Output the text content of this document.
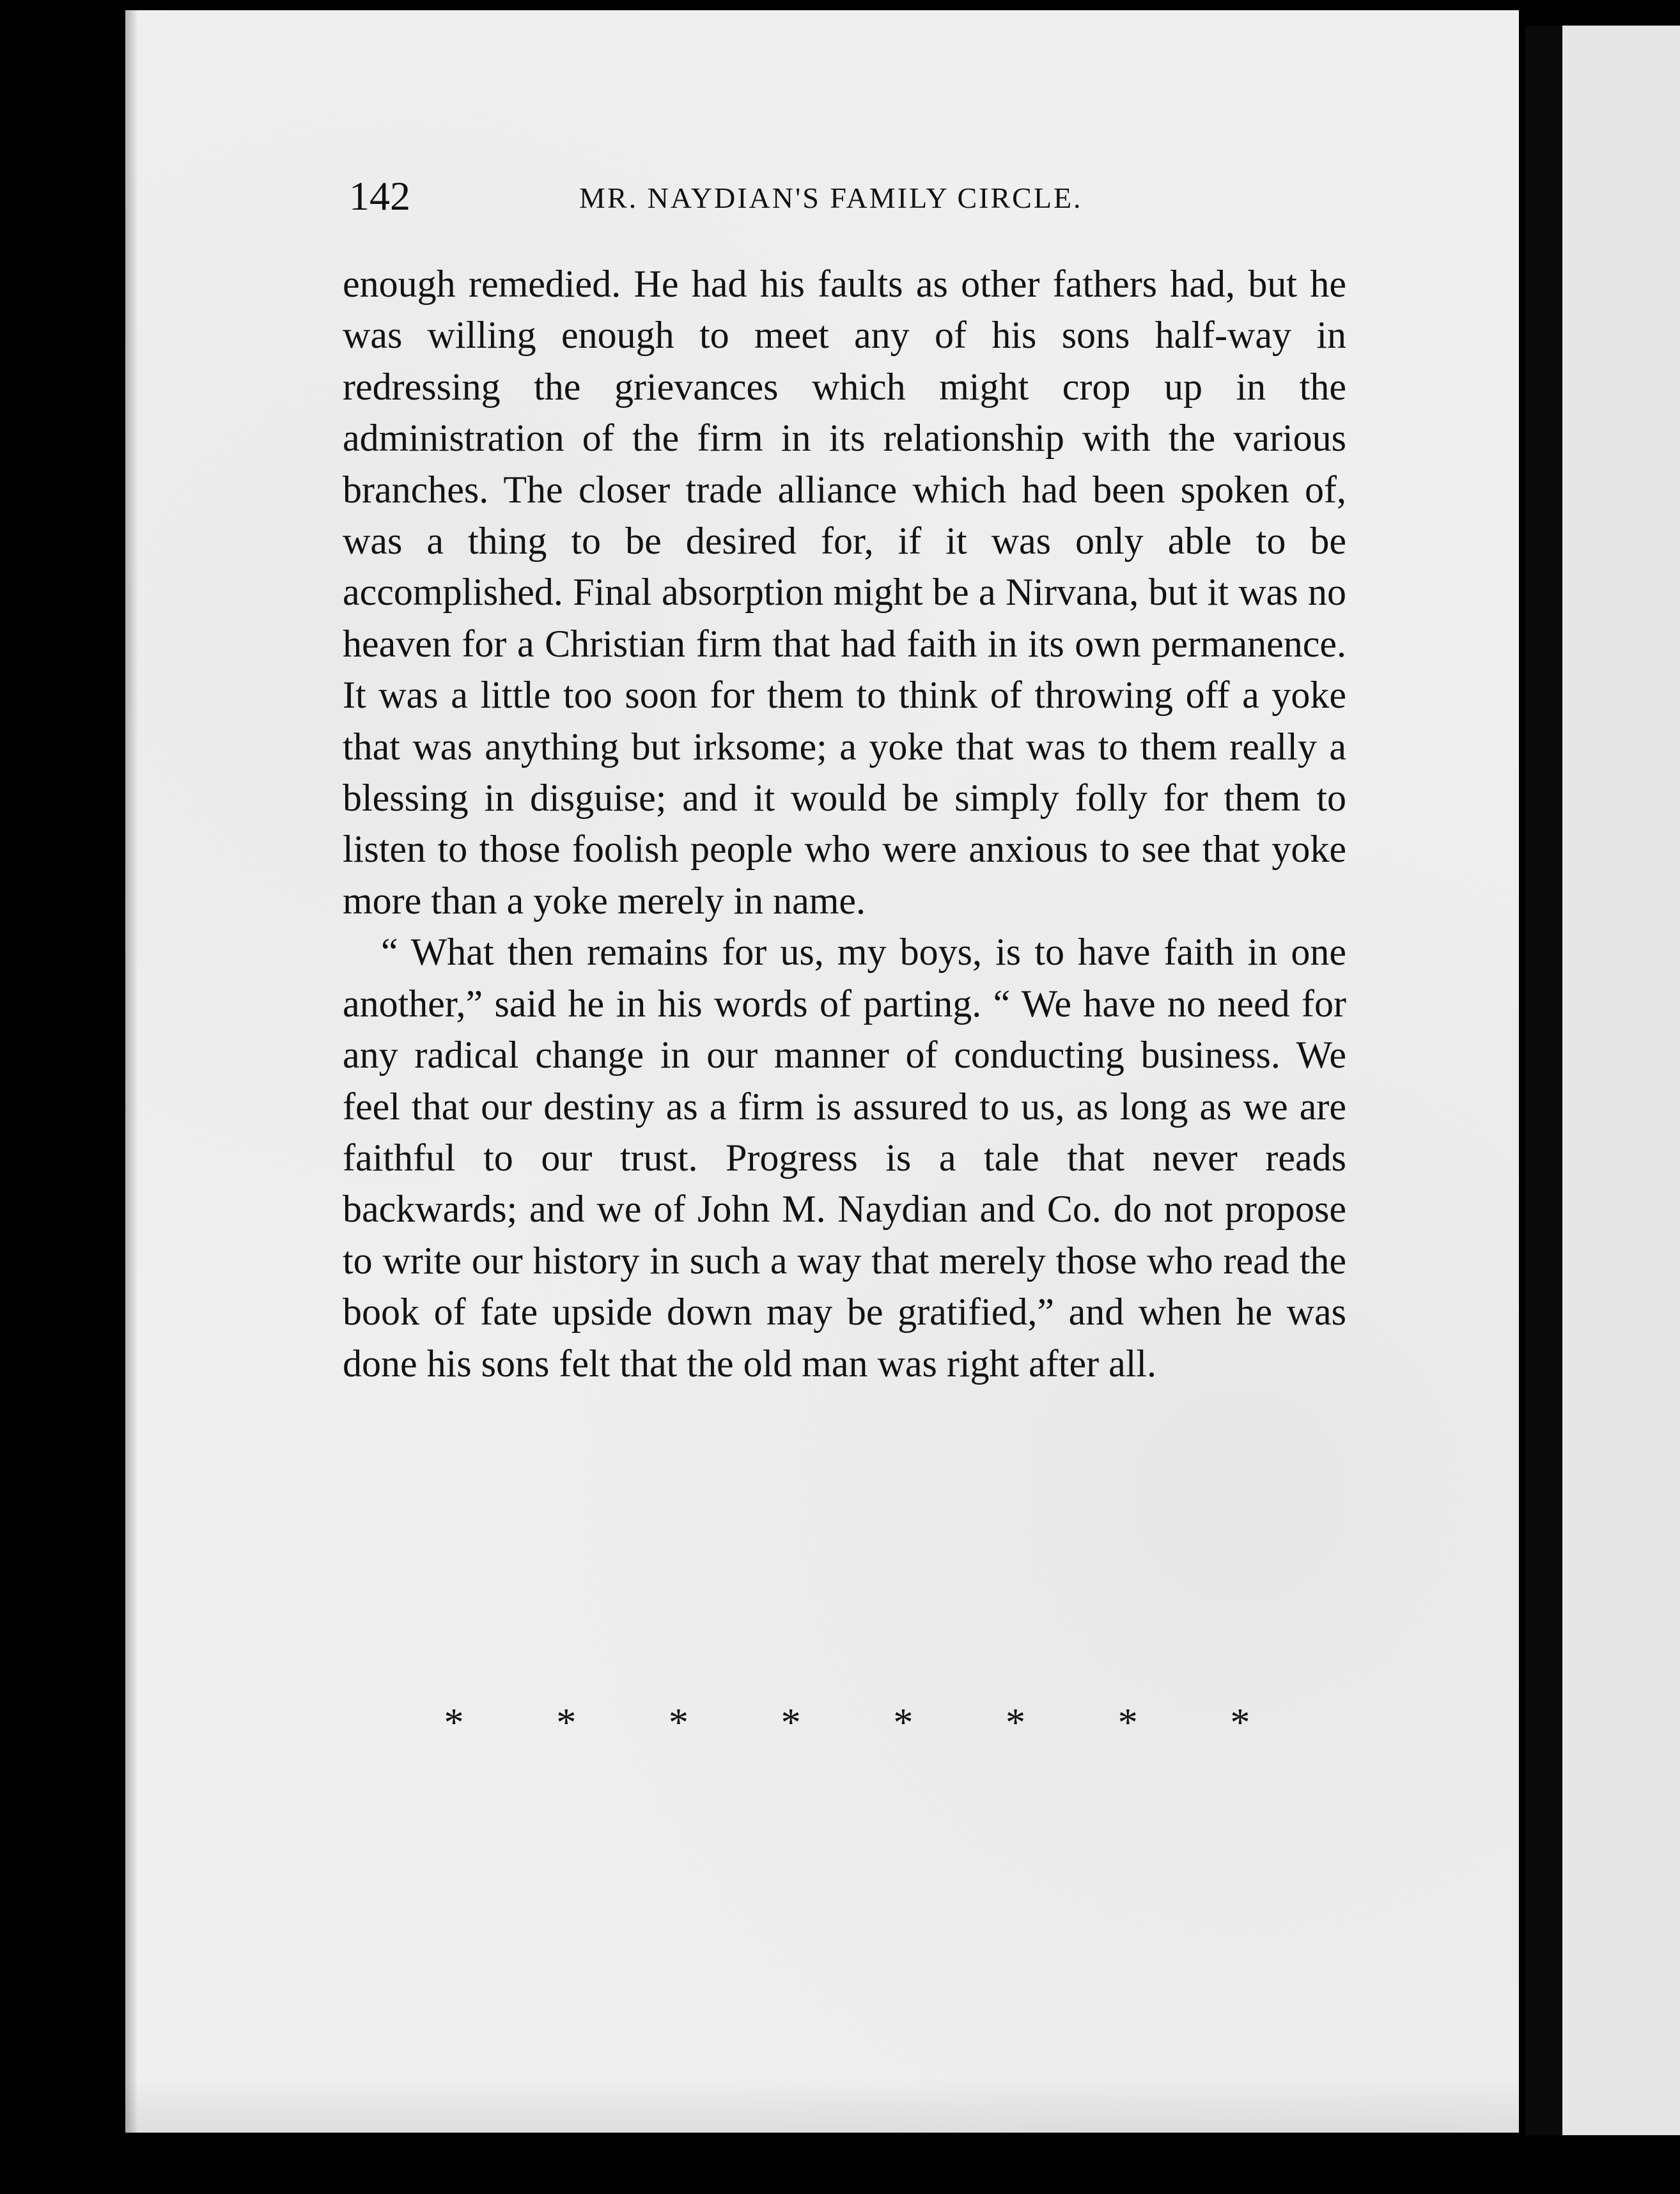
142	MR. NAYDIAN'S FAMILY CIRCLE.

enough remedied. He had his faults as other fathers had, but he was willing enough to meet any of his sons half-way in redressing the grievances which might crop up in the administration of the firm in its relationship with the various branches. The closer trade alliance which had been spoken of, was a thing to be desired for, if it was only able to be accomplished. Final absorption might be a Nirvana, but it was no heaven for a Christian firm that had faith in its own permanence. It was a little too soon for them to think of throwing off a yoke that was anything but irksome; a yoke that was to them really a blessing in disguise; and it would be simply folly for them to listen to those foolish people who were anxious to see that yoke more than a yoke merely in name.

“ What then remains for us, my boys, is to have faith in one another,” said he in his words of parting. “ We have no need for any radical change in our manner of conducting business. We feel that our destiny as a firm is assured to us, as long as we are faithful to our trust. Progress is a tale that never reads backwards; and we of John M. Naydian and Co. do not propose to write our history in such a way that merely those who read the book of fate upside down may be gratified,” and when he was done his sons felt that the old man was right after all.

* * * * * * * *
